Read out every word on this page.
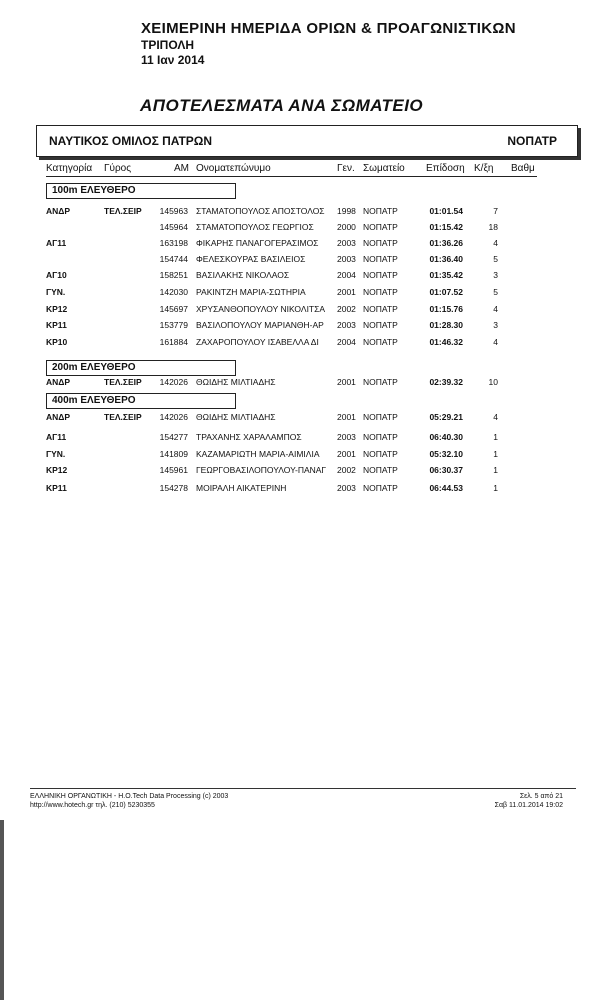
ΧΕΙΜΕΡΙΝΗ ΗΜΕΡΙΔΑ ΟΡΙΩΝ & ΠΡΟΑΓΩΝΙΣΤΙΚΩΝ
ΤΡΙΠΟΛΗ
11 Ιαν 2014
ΑΠΟΤΕΛΕΣΜΑΤΑ ΑΝΑ ΣΩΜΑΤΕΙΟ
ΝΑΥΤΙΚΟΣ ΟΜΙΛΟΣ ΠΑΤΡΩΝ	ΝΟΠΑΤΡ
Κατηγορία Γύρος	ΑΜ Ονοματεπώνυμο	Γεν. Σωματείο Επίδοση Κ/ξη Βαθμ
100m ΕΛΕΥΘΕΡΟ
ΑΝΔΡ	ΤΕΛ.ΣΕΙΡ	145963 ΣΤΑΜΑΤΟΠΟΥΛΟΣ ΑΠΟΣΤΟΛΟΣ 1998 ΝΟΠΑΤΡ	01:01.54	7
145964 ΣΤΑΜΑΤΟΠΟΥΛΟΣ ΓΕΩΡΓΙΟΣ	2000 ΝΟΠΑΤΡ	01:15.42	18
ΑΓ11	163198 ΦΙΚΑΡΗΣ ΠΑΝΑΓΟΓΕΡΑΣΙΜΟΣ 2003 ΝΟΠΑΤΡ	01:36.26	4
154744 ΦΕΛΕΣΚΟΥΡΑΣ ΒΑΣΙΛΕΙΟΣ	2003 ΝΟΠΑΤΡ	01:36.40	5
ΑΓ10	158251 ΒΑΣΙΛΑΚΗΣ ΝΙΚΟΛΑΟΣ	2004 ΝΟΠΑΤΡ	01:35.42	3
ΓΥΝ.	142030 ΡΑΚΙΝΤΖΗ ΜΑΡΙΑ-ΣΩΤΗΡΙΑ	2001 ΝΟΠΑΤΡ	01:07.52	5
ΚΡ12	145697 ΧΡΥΣΑΝΘΟΠΟΥΛΟΥ ΝΙΚΟΛΙΤΣΑ 2002 ΝΟΠΑΤΡ	01:15.76	4
ΚΡ11	153779 ΒΑΣΙΛΟΠΟΥΛΟΥ ΜΑΡΙΑΝΘΗ-ΑΡ 2003 ΝΟΠΑΤΡ	01:28.30	3
ΚΡ10	161884 ΖΑΧΑΡΟΠΟΥΛΟΥ ΙΣΑΒΕΛΛΑ ΔΙ 2004 ΝΟΠΑΤΡ	01:46.32	4
200m ΕΛΕΥΘΕΡΟ
ΑΝΔΡ	ΤΕΛ.ΣΕΙΡ	142026 ΘΩΙΔΗΣ ΜΙΛΤΙΑΔΗΣ	2001 ΝΟΠΑΤΡ	02:39.32	10
400m ΕΛΕΥΘΕΡΟ
ΑΝΔΡ	ΤΕΛ.ΣΕΙΡ	142026 ΘΩΙΔΗΣ ΜΙΛΤΙΑΔΗΣ	2001 ΝΟΠΑΤΡ	05:29.21	4
ΑΓ11	154277 ΤΡΑΧΑΝΗΣ ΧΑΡΑΛΑΜΠΟΣ	2003 ΝΟΠΑΤΡ	06:40.30	1
ΓΥΝ.	141809 ΚΑΖΑΜΑΡΙΩΤΗ ΜΑΡΙΑ-ΑΙΜΙΛΙΑ 2001 ΝΟΠΑΤΡ	05:32.10	1
ΚΡ12	145961 ΓΕΩΡΓΟΒΑΣΙΛΟΠΟΥΛΟΥ-ΠΑΝΑΓ 2002 ΝΟΠΑΤΡ	06:30.37	1
ΚΡ11	154278 ΜΟΙΡΑΛΗ ΑΙΚΑΤΕΡΙΝΗ	2003 ΝΟΠΑΤΡ	06:44.53	1
ΕΛΛΗΝΙΚΗ ΟΡΓΑΝΩΤΙΚΗ - H.O.Tech Data Processing (c) 2003
http://www.hotech.gr τηλ. (210) 5230355
Σελ. 5 από 21
Σαβ 11.01.2014 19:02
